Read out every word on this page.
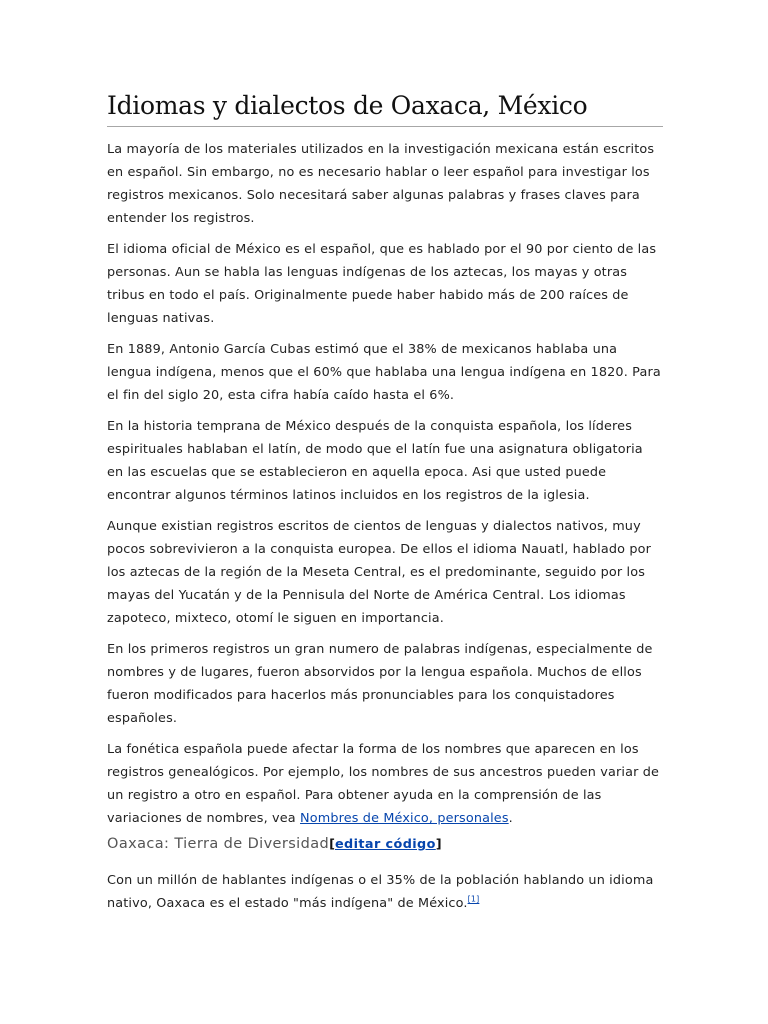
Idiomas y dialectos de Oaxaca, México

La mayoría de los materiales utilizados en la investigación mexicana están escritos en español. Sin embargo, no es necesario hablar o leer español para investigar los registros mexicanos. Solo necesitará saber algunas palabras y frases claves para entender los registros.

El idioma oficial de México es el español, que es hablado por el 90 por ciento de las personas. Aun se habla las lenguas indígenas de los aztecas, los mayas y otras tribus en todo el país. Originalmente puede haber habido más de 200 raíces de lenguas nativas.

En 1889, Antonio García Cubas estimó que el 38% de mexicanos hablaba una lengua indígena, menos que el 60% que hablaba una lengua indígena en 1820. Para el fin del siglo 20, esta cifra había caído hasta el 6%.

En la historia temprana de México después de la conquista española, los líderes espirituales hablaban el latín, de modo que el latín fue una asignatura obligatoria en las escuelas que se establecieron en aquella epoca. Asi que usted puede encontrar algunos términos latinos incluidos en los registros de la iglesia.

Aunque existian registros escritos de cientos de lenguas y dialectos nativos, muy pocos sobrevivieron a la conquista europea. De ellos el idioma Nauatl, hablado por los aztecas de la región de la Meseta Central, es el predominante, seguido por los mayas del Yucatán y de la Pennisula del Norte de América Central. Los idiomas zapoteco, mixteco, otomí le siguen en importancia.

En los primeros registros un gran numero de palabras indígenas, especialmente de nombres y de lugares, fueron absorvidos por la lengua española. Muchos de ellos fueron modificados para hacerlos más pronunciables para los conquistadores españoles.

La fonética española puede afectar la forma de los nombres que aparecen en los registros genealógicos. Por ejemplo, los nombres de sus ancestros pueden variar de un registro a otro en español. Para obtener ayuda en la comprensión de las variaciones de nombres, vea Nombres de México, personales.

Oaxaca: Tierra de Diversidad[editar código]

Con un millón de hablantes indígenas o el 35% de la población hablando un idioma nativo, Oaxaca es el estado "más indígena" de México.[1]
